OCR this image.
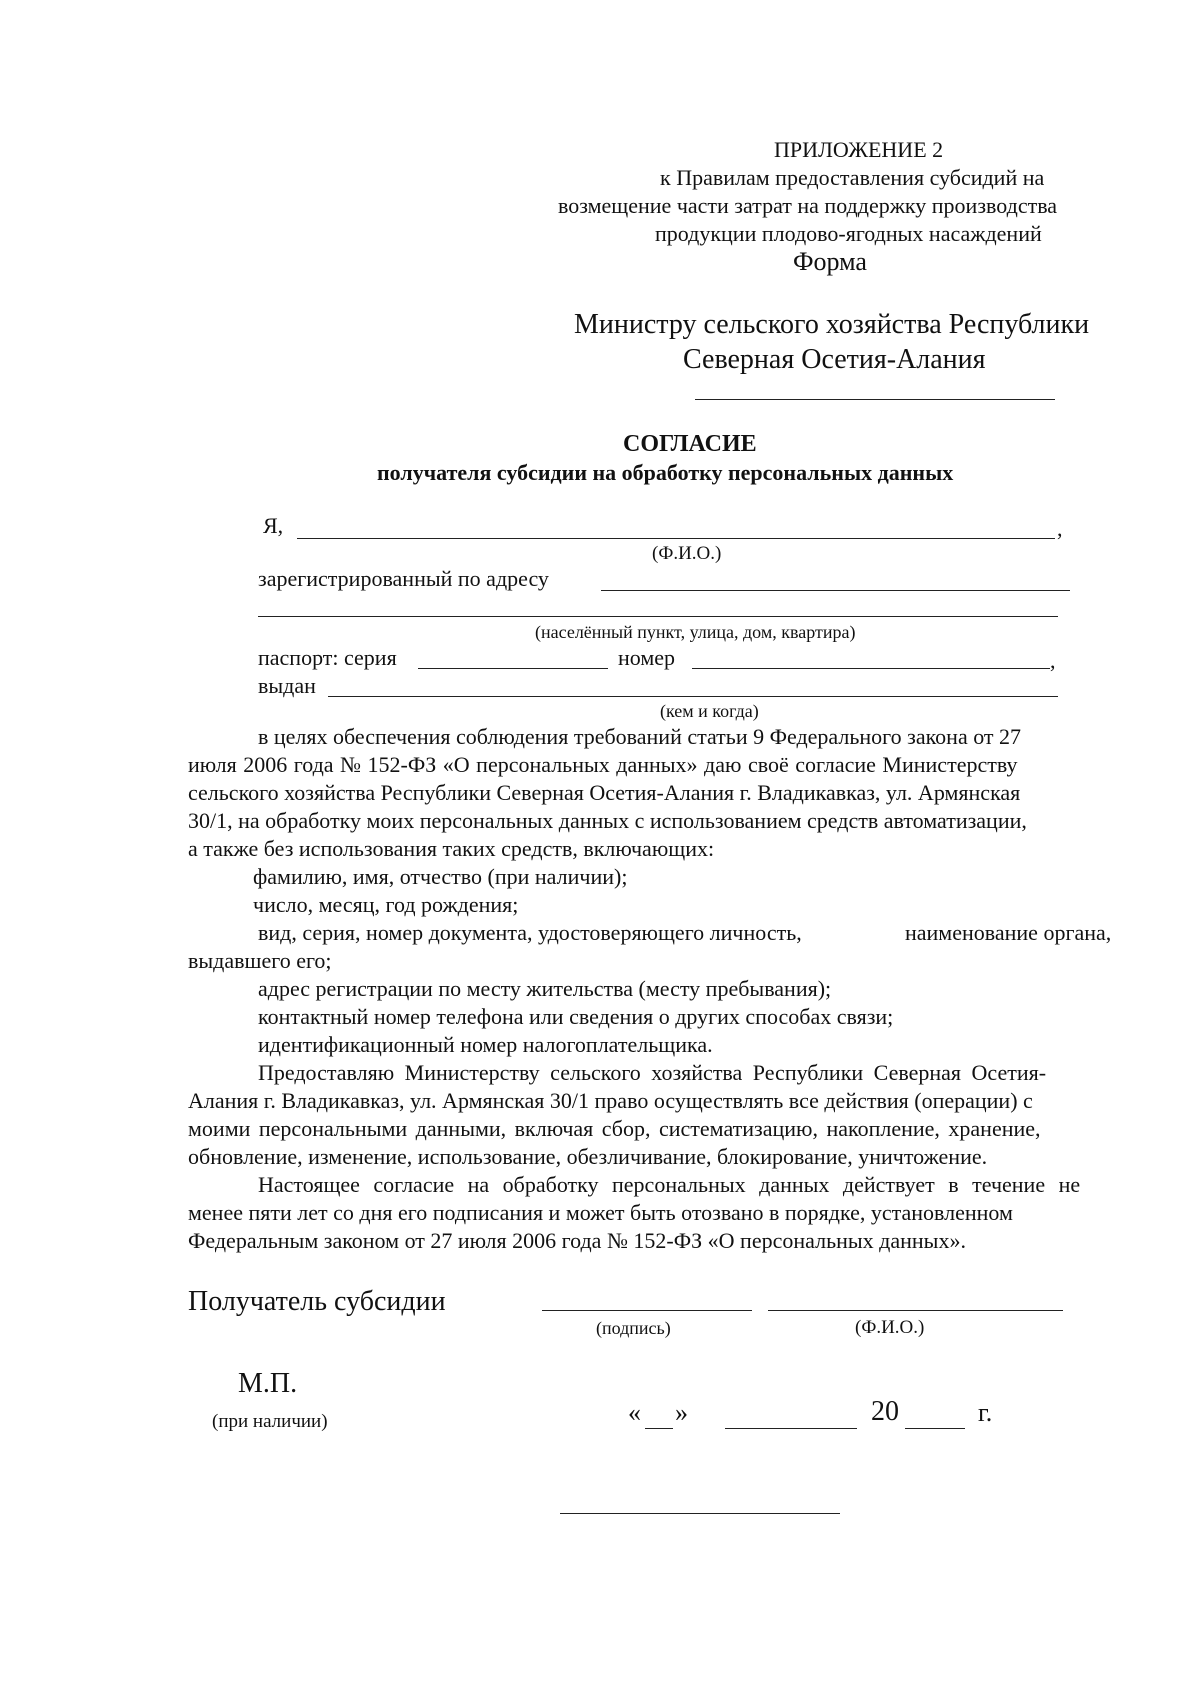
ПРИЛОЖЕНИЕ 2
к Правилам предоставления субсидий на
возмещение части затрат на поддержку производства
продукции плодово-ягодных насаждений
Форма
Министру сельского хозяйства Республики
Северная Осетия-Алания
СОГЛАСИЕ
получателя субсидии на обработку персональных данных
Я,	,
(Ф.И.О.)
зарегистрированный по адресу
(населённый пункт, улица, дом, квартира)
паспорт: серия	номер	,
выдан
(кем и когда)
в целях обеспечения соблюдения требований статьи 9 Федерального закона от 27
июля 2006 года № 152-ФЗ «О персональных данных» даю своё согласие Министерству
сельского хозяйства Республики Северная Осетия-Алания г. Владикавказ, ул. Армянская
30/1, на обработку моих персональных данных с использованием средств автоматизации,
а также без использования таких средств, включающих:
фамилию, имя, отчество (при наличии);
число, месяц, год рождения;
вид, серия, номер документа, удостоверяющего личность,	наименование органа,
выдавшего его;
адрес регистрации по месту жительства (месту пребывания);
контактный номер телефона или сведения о других способах связи;
идентификационный номер налогоплательщика.
Предоставляю Министерству сельского хозяйства Республики Северная Осетия-
Алания г. Владикавказ, ул. Армянская 30/1 право осуществлять все действия (операции) с
моими персональными данными, включая сбор, систематизацию, накопление, хранение,
обновление, изменение, использование, обезличивание, блокирование, уничтожение.
Настоящее согласие на обработку персональных данных действует в течение не
менее пяти лет со дня его подписания и может быть отозвано в порядке, установленном
Федеральным законом от 27 июля 2006 года № 152-ФЗ «О персональных данных».
Получатель субсидии
(подпись)	(Ф.И.О.)
М.П.
(при наличии)	« »	20	г.
